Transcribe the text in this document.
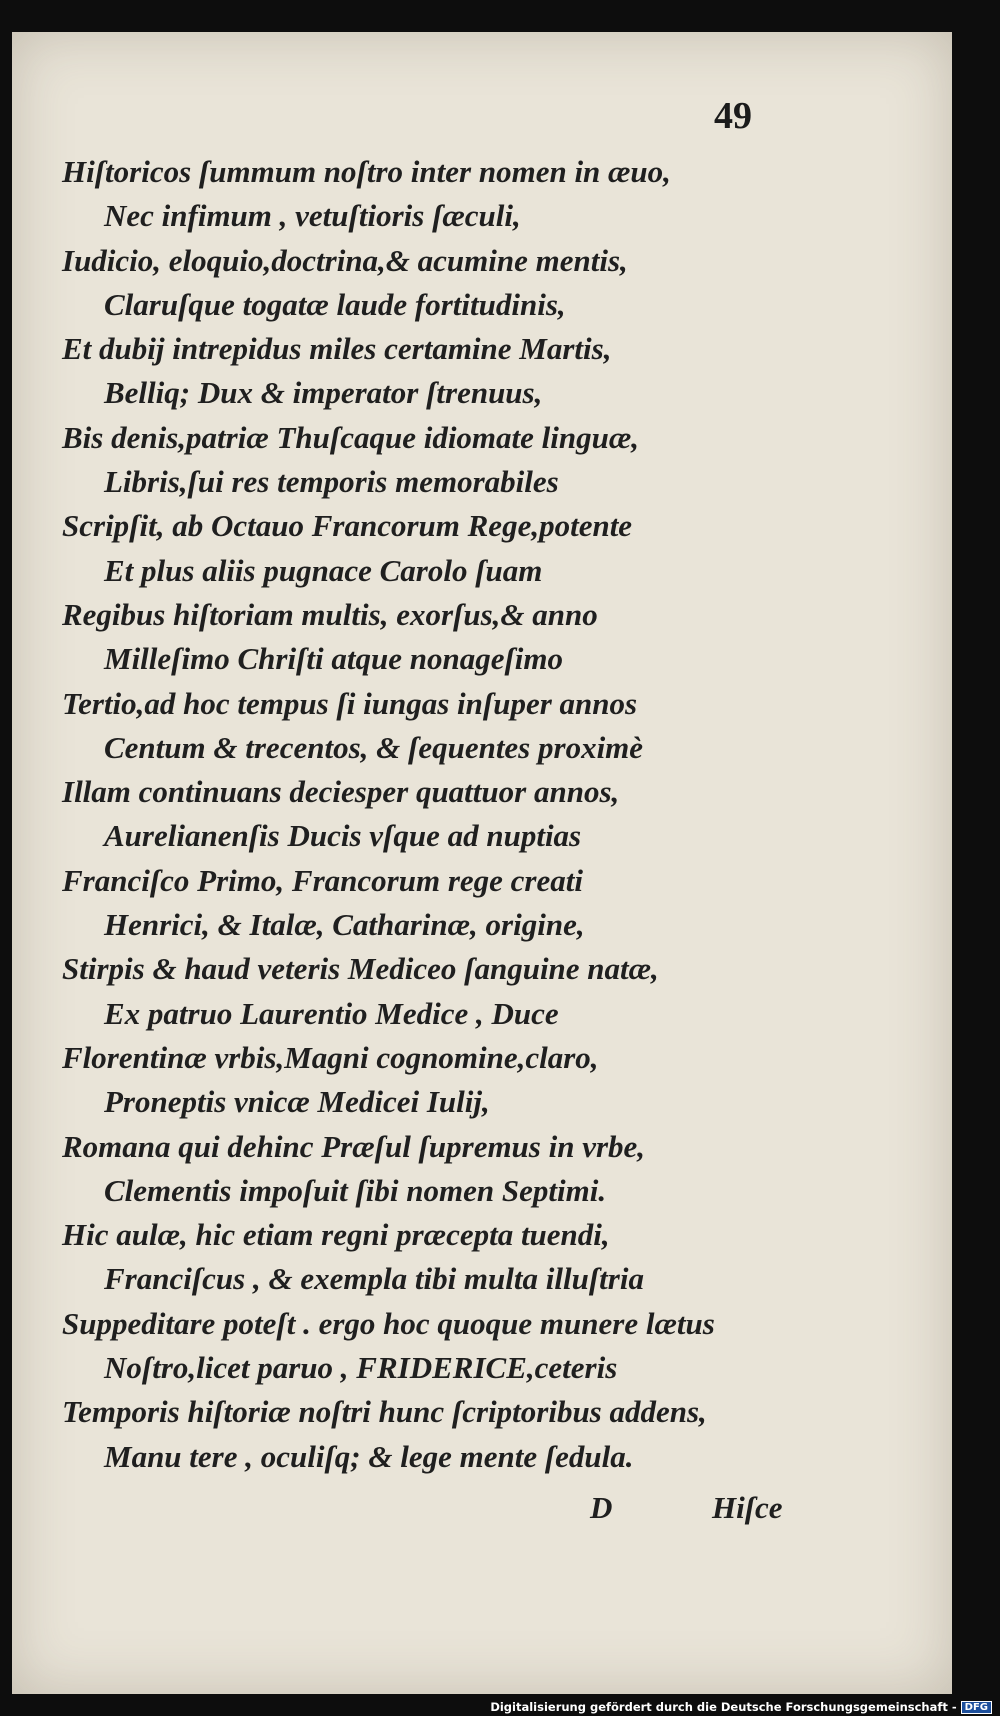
49
Hiſtoricos ſummum noſtro inter nomen in æuo,
Nec infimum , vetuſtioris ſæculi,
Iudicio, eloquio,doctrina,& acumine mentis,
Claruſque togatæ laude fortitudinis,
Et dubij intrepidus miles certamine Martis,
Belliq; Dux & imperator ſtrenuus,
Bis denis,patriæ Thuſcaque idiomate linguæ,
Libris,ſui res temporis memorabiles
Scripſit, ab Octauo Francorum Rege,potente
Et plus aliis pugnace Carolo ſuam
Regibus hiſtoriam multis, exorſus,& anno
Milleſimo Chriſti atque nonageſimo
Tertio,ad hoc tempus ſi iungas inſuper annos
Centum & trecentos, & ſequentes proximè
Illam continuans deciesper quattuor annos,
Aurelianenſis Ducis vſque ad nuptias
Franciſco Primo, Francorum rege creati
Henrici, & Italæ, Catharinæ, origine,
Stirpis & haud veteris Mediceo ſanguine natæ,
Ex patruo Laurentio Medice , Duce
Florentinæ vrbis,Magni cognomine,claro,
Proneptis vnicæ Medicei Iulij,
Romana qui dehinc Præſul ſupremus in vrbe,
Clementis impoſuit ſibi nomen Septimi.
Hic aulæ, hic etiam regni præcepta tuendi,
Franciſcus , & exempla tibi multa illuſtria
Suppeditare poteſt . ergo hoc quoque munere lætus
Noſtro,licet paruo , FRIDERICE,ceteris
Temporis hiſtoriæ noſtri hunc ſcriptoribus addens,
Manu tere , oculiſq; & lege mente ſedula.
D	Hiſce
Digitalisierung gefördert durch die Deutsche Forschungsgemeinschaft - DFG
